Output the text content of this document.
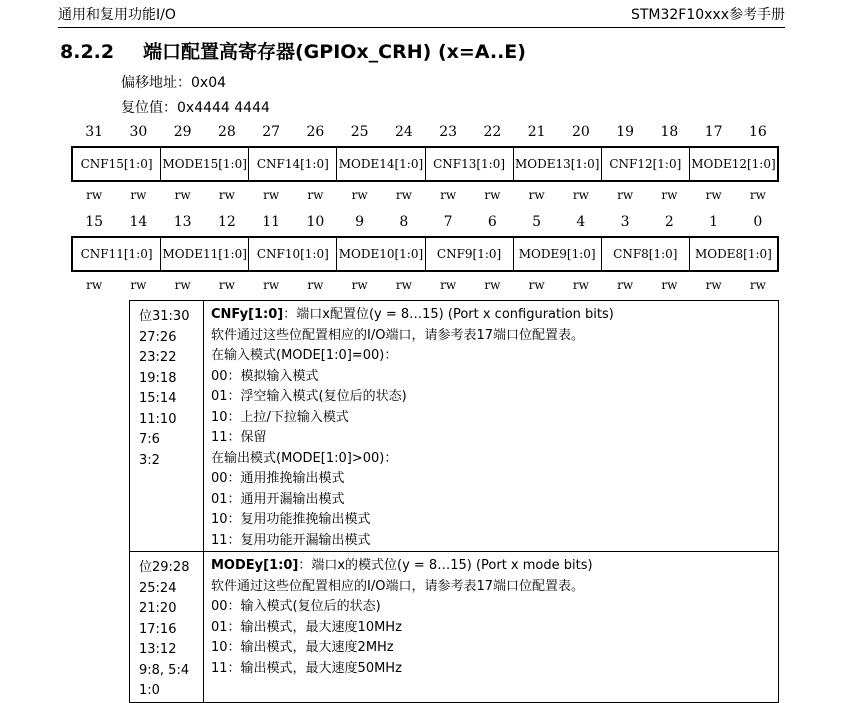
通用和复用功能I/O	STM32F10xxx参考手册
8.2.2 端口配置高寄存器(GPIOx_CRH) (x=A..E)
偏移地址：0x04
复位值：0x4444 4444
31	30	29	28	27	26	25	24	23	22	21	20	19	18	17	16
CNF15[1:0] MODE15[1:0] CNF14[1:0] MODE14[1:0] CNF13[1:0] MODE13[1:0] CNF12[1:0] MODE12[1:0]
rw	rw	rw	rw	rw	rw	rw	rw	rw	rw	rw	rw	rw	rw	rw	rw
15	14	13	12	11	10	9	8	7	6	5	4	3	2	1	0
CNF11[1:0] MODE11[1:0] CNF10[1:0] MODE10[1:0]	CNF9[1:0]	MODE9[1:0]	CNF8[1:0]	MODE8[1:0]
rw	rw	rw	rw	rw	rw	rw	rw	rw	rw	rw	rw	rw	rw	rw	rw
位31:30
27:26
23:22
19:18
15:14
11:10
7:6
3:2
CNFy[1:0]：端口x配置位(y = 8…15) (Port x configuration bits)
软件通过这些位配置相应的I/O端口，请参考表17端口位配置表。
在输入模式(MODE[1:0]=00)：
00：模拟输入模式
01：浮空输入模式(复位后的状态)
10：上拉/下拉输入模式
11：保留
在输出模式(MODE[1:0]>00)：
00：通用推挽输出模式
01：通用开漏输出模式
10：复用功能推挽输出模式
11：复用功能开漏输出模式
位29:28
25:24
21:20
17:16
13:12
9:8, 5:4
1:0
MODEy[1:0]：端口x的模式位(y = 8…15) (Port x mode bits)
软件通过这些位配置相应的I/O端口，请参考表17端口位配置表。
00：输入模式(复位后的状态)
01：输出模式，最大速度10MHz
10：输出模式，最大速度2MHz
11：输出模式，最大速度50MHz
